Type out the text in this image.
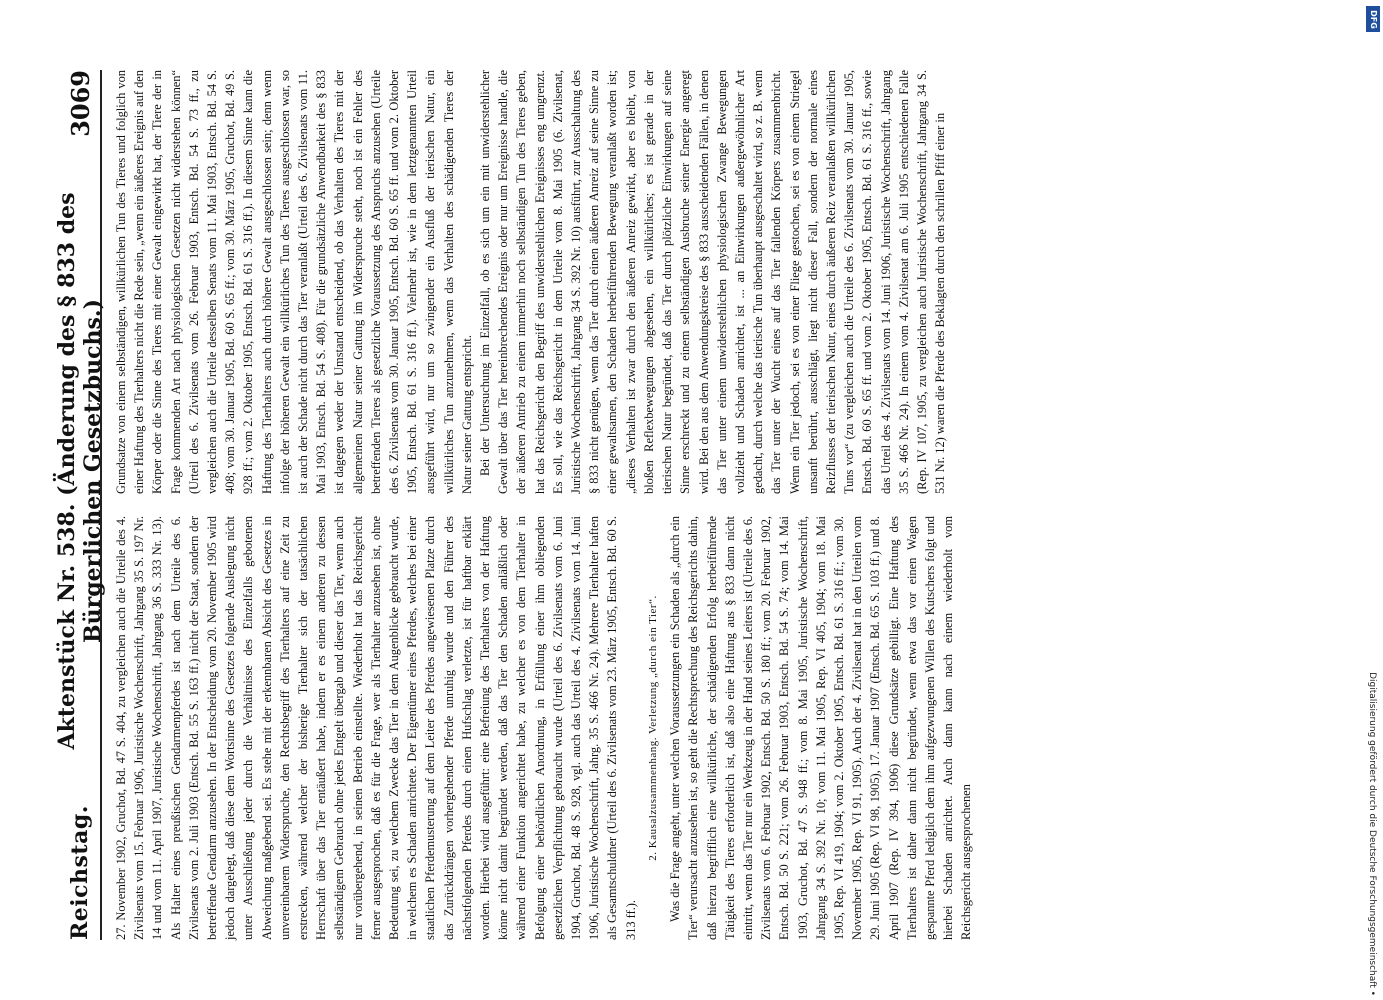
Reichstag.
Aktenstück Nr. 538. (Änderung des § 833 des Bürgerlichen Gesetzbuchs.)
3069

27. November 1902, Gruchot, Bd. 47 S. 404, zu vergleichen auch die Urteile des 4. Zivilsenats vom 15. Februar 1906, Juristische Wochenschrift, Jahrgang 35 S. 197 Nr. 14 und vom 11. April 1907, Juristische Wochenschrift, Jahrgang 36 S. 333 Nr. 13). Als Halter eines preußischen Gendarmenpferdes ist nach dem Urteile des 6. Zivilsenats vom 2. Juli 1903 (Entsch. Bd. 55 S. 163 ff.) nicht der Staat, sondern der betreffende Gendarm anzusehen. In der Entscheidung vom 20. November 1905 wird jedoch dargelegt, daß diese dem Wortsinne des Gesetzes folgende Auslegung nicht unter Ausschließung jeder durch die Verhältnisse des Einzelfalls gebotenen Abweichung maßgebend sei. Es stehe mit der erkennbaren Absicht des Gesetzes in unvereinbarem Widerspruche, den Rechtsbegriff des Tierhalters auf eine Zeit zu erstrecken, während welcher der bisherige Tierhalter sich der tatsächlichen Herrschaft über das Tier entäußert habe, indem er es einem anderen zu dessen selbständigem Gebrauch ohne jedes Entgelt übergab und dieser das Tier, wenn auch nur vorübergehend, in seinen Betrieb einstellte. Wiederholt hat das Reichsgericht ferner ausgesprochen, daß es für die Frage, wer als Tierhalter anzusehen ist, ohne Bedeutung sei, zu welchem Zwecke das Tier in dem Augenblicke gebraucht wurde, in welchem es Schaden anrichtete. Der Eigentümer eines Pferdes, welches bei einer staatlichen Pferdemusterung auf dem Leiter des Pferdes angewiesenen Platze durch das Zurückdrängen vorhergehender Pferde unruhig wurde und den Führer des nächstfolgenden Pferdes durch einen Hufschlag verletzte, ist für haftbar erklärt worden. Hierbei wird ausgeführt: eine Befreiung des Tierhalters von der Haftung könne nicht damit begründet werden, daß das Tier den Schaden anläßlich oder während einer Funktion angerichtet habe, zu welcher es von dem Tierhalter in Befolgung einer behördlichen Anordnung, in Erfüllung einer ihm obliegenden gesetzlichen Verpflichtung gebraucht wurde (Urteil des 6. Zivilsenats vom 6. Juni 1904, Gruchot, Bd. 48 S. 928, vgl. auch das Urteil des 4. Zivilsenats vom 14. Juni 1906, Juristische Wochenschrift, Jahrg. 35 S. 466 Nr. 24). Mehrere Tierhalter haften als Gesamtschuldner (Urteil des 6. Zivilsenats vom 23. März 1905, Entsch. Bd. 60 S. 313 ff.).

2. Kausalzusammenhang. Verletzung „durch ein Tier“. Was die Frage angeht, unter welchen Voraussetzungen ein Schaden als „durch ein Tier“ verursacht anzusehen ist, so geht die Rechtsprechung des Reichsgerichts dahin, daß hierzu begrifflich eine willkürliche, der schädigenden Erfolg herbeiführende Tätigkeit des Tieres erforderlich ist, daß also eine Haftung aus § 833 dann nicht eintritt, wenn das Tier nur ein Werkzeug in der Hand seines Leiters ist (Urteile des 6. Zivilsenats vom 6. Februar 1902, Entsch. Bd. 50 S. 180 ff.; vom 20. Februar 1902, Entsch. Bd. 50 S. 221; vom 26. Februar 1903, Entsch. Bd. 54 S. 74; vom 14. Mai 1903, Gruchot, Bd. 47 S. 948 ff.; vom 8. Mai 1905, Juristische Wochenschrift, Jahrgang 34 S. 392 Nr. 10; vom 11. Mai 1905, Rep. VI 405, 1904; vom 18. Mai 1905, Rep. VI 419, 1904; vom 2. Oktober 1905, Entsch. Bd. 61 S. 316 ff.; vom 30. November 1905, Rep. VI 91, 1905). Auch der 4. Zivilsenat hat in den Urteilen vom 29. Juni 1905 (Rep. VI 98, 1905), 17. Januar 1907 (Entsch. Bd. 65 S. 103 ff.) und 8. April 1907 (Rep. IV 394, 1906) diese Grundsätze gebilligt. Eine Haftung des Tierhalters ist daher dann nicht begründet, wenn etwa das vor einen Wagen gespannte Pferd lediglich dem ihm aufgezwungenen Willen des Kutschers folgt und hierbei Schaden anrichtet. Auch dann kann nach einem wiederholt vom Reichsgericht ausgesprochenen

Grundsatze von einem selbständigen, willkürlichen Tun des Tieres und folglich von einer Haftung des Tierhalters nicht die Rede sein, „wenn ein äußeres Ereignis auf den Körper oder die Sinne des Tieres mit einer Gewalt eingewirkt hat, der Tiere der in Frage kommenden Art nach physiologischen Gesetzen nicht widerstehen können“ (Urteil des 6. Zivilsenats vom 26. Februar 1903, Entsch. Bd. 54 S. 73 ff., zu vergleichen auch die Urteile desselben Senats vom 11. Mai 1903, Entsch. Bd. 54 S. 408; vom 30. Januar 1905, Bd. 60 S. 65 ff.; vom 30. März 1905, Gruchot, Bd. 49 S. 928 ff.; vom 2. Oktober 1905, Entsch. Bd. 61 S. 316 ff.). In diesem Sinne kann die Haftung des Tierhalters auch durch höhere Gewalt ausgeschlossen sein; denn wenn infolge der höheren Gewalt ein willkürliches Tun des Tieres ausgeschlossen war, so ist auch der Schade nicht durch das Tier veranlaßt (Urteil des 6. Zivilsenats vom 11. Mai 1903, Entsch. Bd. 54 S. 408). Für die grundsätzliche Anwendbarkeit des § 833 ist dagegen weder der Umstand entscheidend, ob das Verhalten des Tieres mit der allgemeinen Natur seiner Gattung im Widerspruche steht, noch ist ein Fehler des betreffenden Tieres als gesetzliche Voraussetzung des Anspruchs anzusehen (Urteile des 6. Zivilsenats vom 30. Januar 1905, Entsch. Bd. 60 S. 65 ff. und vom 2. Oktober 1905, Entsch. Bd. 61 S. 316 ff.). Vielmehr ist, wie in dem letztgenannten Urteil ausgeführt wird, nur um so zwingender ein Ausfluß der tierischen Natur, ein willkürliches Tun anzunehmen, wenn das Verhalten des schädigenden Tieres der Natur seiner Gattung entspricht. Bei der Untersuchung im Einzelfall, ob es sich um ein mit unwiderstehlicher Gewalt über das Tier hereinbrechendes Ereignis oder nur um Ereignisse handle, die der äußeren Antrieb zu einem immerhin noch selbständigen Tun des Tieres geben, hat das Reichsgericht den Begriff des unwiderstehlichen Ereignisses eng umgrenzt. Es soll, wie das Reichsgericht in dem Urteile vom 8. Mai 1905 (6. Zivilsenat, Juristische Wochenschrift, Jahrgang 34 S. 392 Nr. 10) ausführt, zur Ausschaltung des § 833 nicht genügen, wenn das Tier durch einen äußeren Anreiz auf seine Sinne zu einer gewaltsamen, den Schaden herbeiführenden Bewegung veranlaßt worden ist; „dieses Verhalten ist zwar durch den äußeren Anreiz gewirkt, aber es bleibt, von bloßen Reflexbewegungen abgesehen, ein willkürliches; es ist gerade in der tierischen Natur begründet, daß das Tier durch plötzliche Einwirkungen auf seine Sinne erschreckt und zu einem selbständigen Ausbruche seiner Energie angeregt wird. Bei den aus dem Anwendungskreise des § 833 ausscheidenden Fällen, in denen das Tier unter einem unwiderstehlichen physiologischen Zwange Bewegungen vollzieht und Schaden anrichtet, ist ... an Einwirkungen außergewöhnlicher Art gedacht, durch welche das tierische Tun überhaupt ausgeschaltet wird, so z. B. wenn das Tier unter der Wucht eines auf das Tier fallenden Körpers zusammenbricht. Wenn ein Tier jedoch, sei es von einer Fliege gestochen, sei es von einem Striegel unsanft berührt, ausschlägt, liegt nicht dieser Fall, sondern der normale eines Reizflusses der tierischen Natur, eines durch äußeren Reiz veranlaßten willkürlichen Tuns vor“ (zu vergleichen auch die Urteile des 6. Zivilsenats vom 30. Januar 1905, Entsch. Bd. 60 S. 65 ff. und vom 2. Oktober 1905, Entsch. Bd. 61 S. 316 ff., sowie das Urteil des 4. Zivilsenats vom 14. Juni 1906, Juristische Wochenschrift, Jahrgang 35 S. 466 Nr. 24). In einem vom 4. Zivilsenat am 6. Juli 1905 entschiedenen Falle (Rep. IV 107, 1905, zu vergleichen auch Juristische Wochenschrift, Jahrgang 34 S. 531 Nr. 12) waren die Pferde des Beklagten durch den schrillen Pfiff einer in

Digitalisierung gefördert durch die Deutsche Forschungsgemeinschaft •
DFG
